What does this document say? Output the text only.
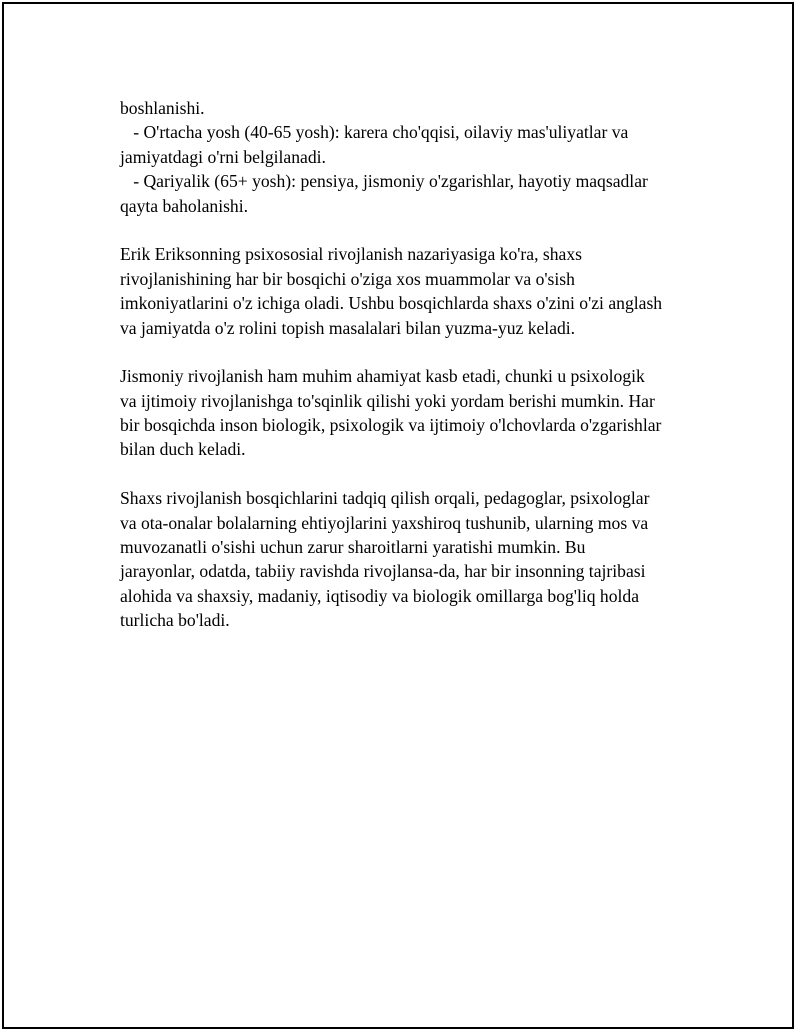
boshlanishi.
- O'rtacha yosh (40-65 yosh): karera cho'qqisi, oilaviy mas'uliyatlar va
jamiyatdagi o'rni belgilanadi.
- Qariyalik (65+ yosh): pensiya, jismoniy o'zgarishlar, hayotiy maqsadlar
qayta baholanishi.
Erik Eriksonning psixososial rivojlanish nazariyasiga ko'ra, shaxs
rivojlanishining har bir bosqichi o'ziga xos muammolar va o'sish
imkoniyatlarini o'z ichiga oladi. Ushbu bosqichlarda shaxs o'zini o'zi anglash
va jamiyatda o'z rolini topish masalalari bilan yuzma-yuz keladi.
Jismoniy rivojlanish ham muhim ahamiyat kasb etadi, chunki u psixologik
va ijtimoiy rivojlanishga to'sqinlik qilishi yoki yordam berishi mumkin. Har
bir bosqichda inson biologik, psixologik va ijtimoiy o'lchovlarda o'zgarishlar
bilan duch keladi.
Shaxs rivojlanish bosqichlarini tadqiq qilish orqali, pedagoglar, psixologlar
va ota-onalar bolalarning ehtiyojlarini yaxshiroq tushunib, ularning mos va
muvozanatli o'sishi uchun zarur sharoitlarni yaratishi mumkin. Bu
jarayonlar, odatda, tabiiy ravishda rivojlansa-da, har bir insonning tajribasi
alohida va shaxsiy, madaniy, iqtisodiy va biologik omillarga bog'liq holda
turlicha bo'ladi.
